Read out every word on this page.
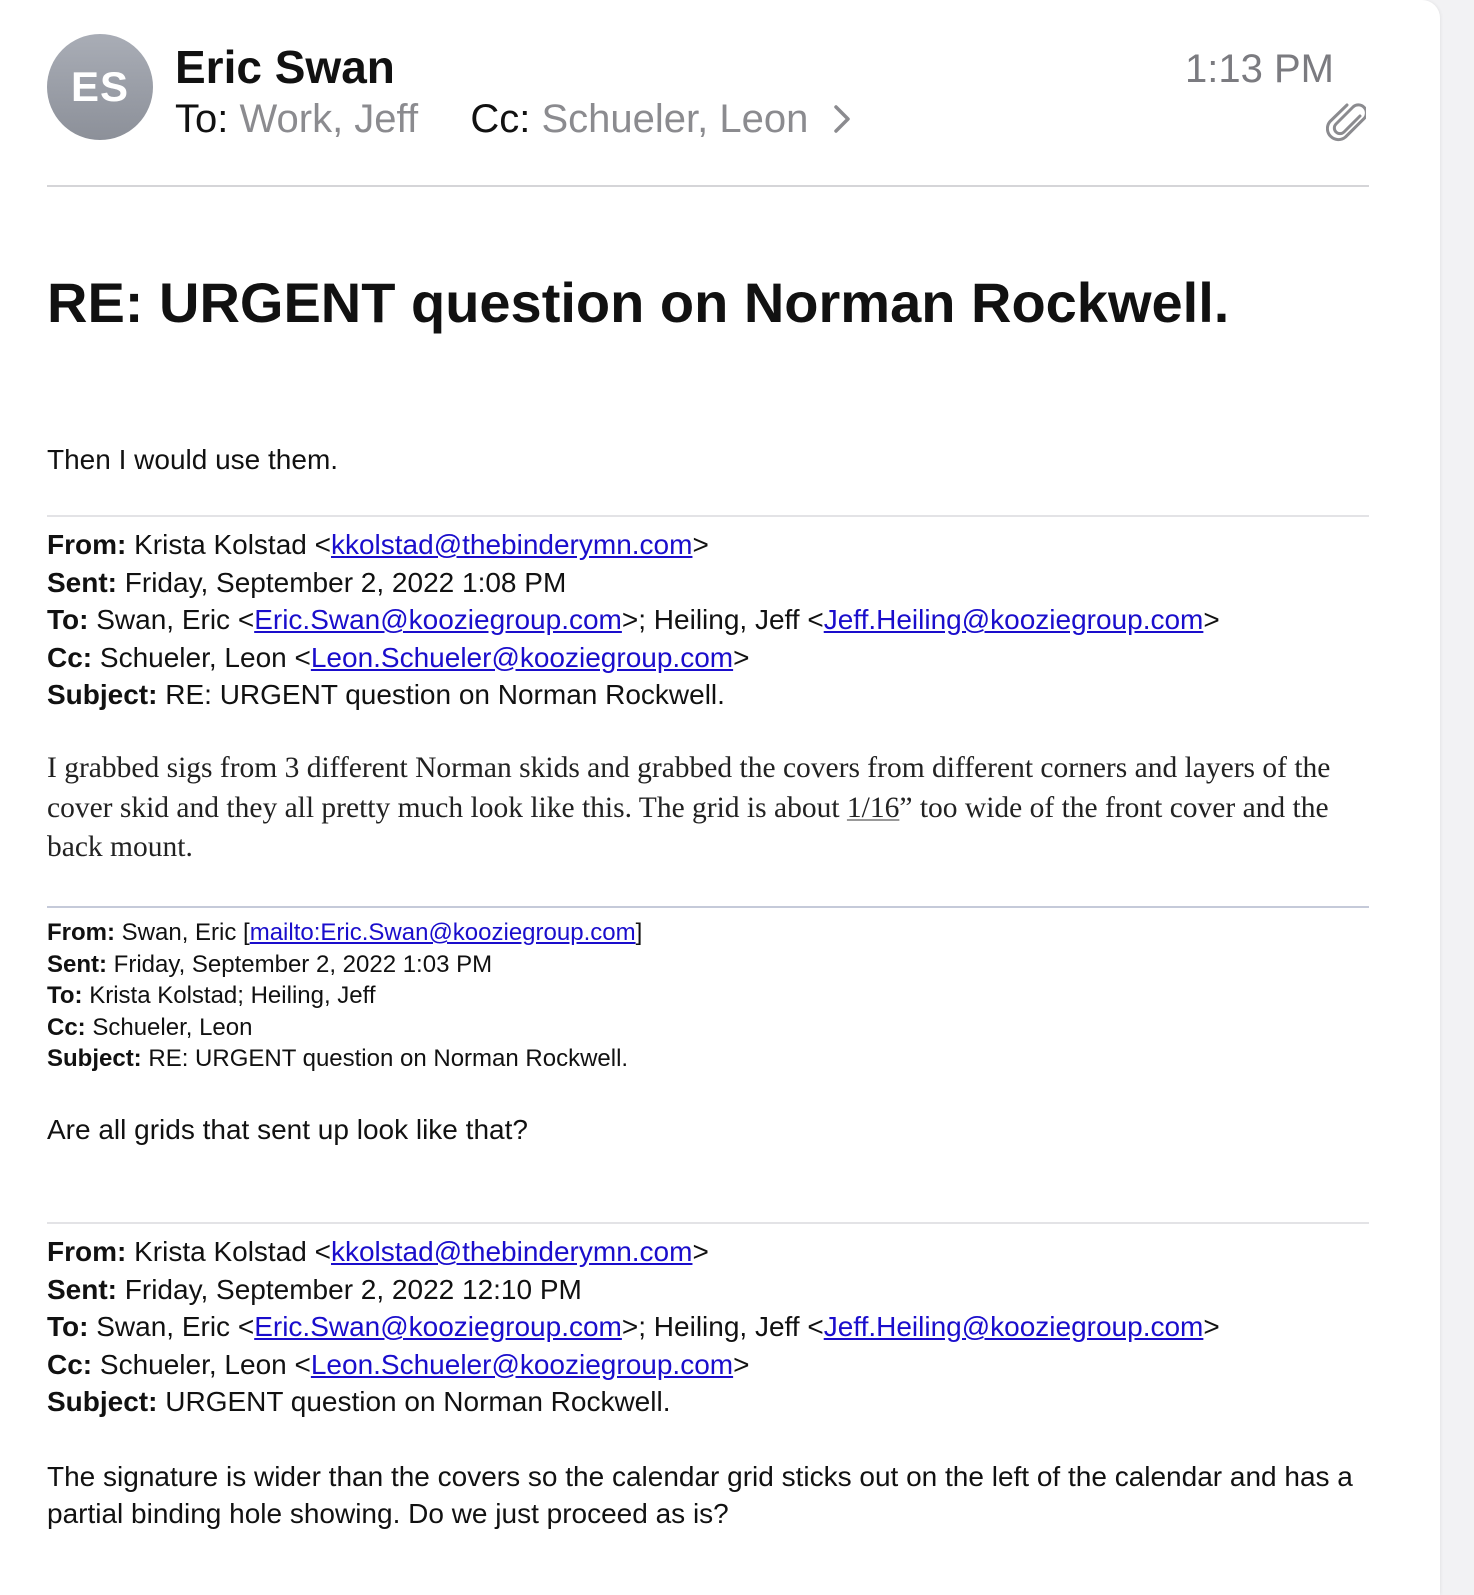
ES Eric Swan
To: Work, Jeff Cc: Schueler, Leon
1:13 PM
RE: URGENT question on Norman Rockwell.
Then I would use them.
From: Krista Kolstad <kkolstad@thebinderymn.com>
Sent: Friday, September 2, 2022 1:08 PM
To: Swan, Eric <Eric.Swan@kooziegroup.com>; Heiling, Jeff <Jeff.Heiling@kooziegroup.com>
Cc: Schueler, Leon <Leon.Schueler@kooziegroup.com>
Subject: RE: URGENT question on Norman Rockwell.
I grabbed sigs from 3 different Norman skids and grabbed the covers from different corners and layers of the cover skid and they all pretty much look like this. The grid is about 1/16” too wide of the front cover and the back mount.
From: Swan, Eric [mailto:Eric.Swan@kooziegroup.com]
Sent: Friday, September 2, 2022 1:03 PM
To: Krista Kolstad; Heiling, Jeff
Cc: Schueler, Leon
Subject: RE: URGENT question on Norman Rockwell.
Are all grids that sent up look like that?
From: Krista Kolstad <kkolstad@thebinderymn.com>
Sent: Friday, September 2, 2022 12:10 PM
To: Swan, Eric <Eric.Swan@kooziegroup.com>; Heiling, Jeff <Jeff.Heiling@kooziegroup.com>
Cc: Schueler, Leon <Leon.Schueler@kooziegroup.com>
Subject: URGENT question on Norman Rockwell.
The signature is wider than the covers so the calendar grid sticks out on the left of the calendar and has a partial binding hole showing. Do we just proceed as is?
